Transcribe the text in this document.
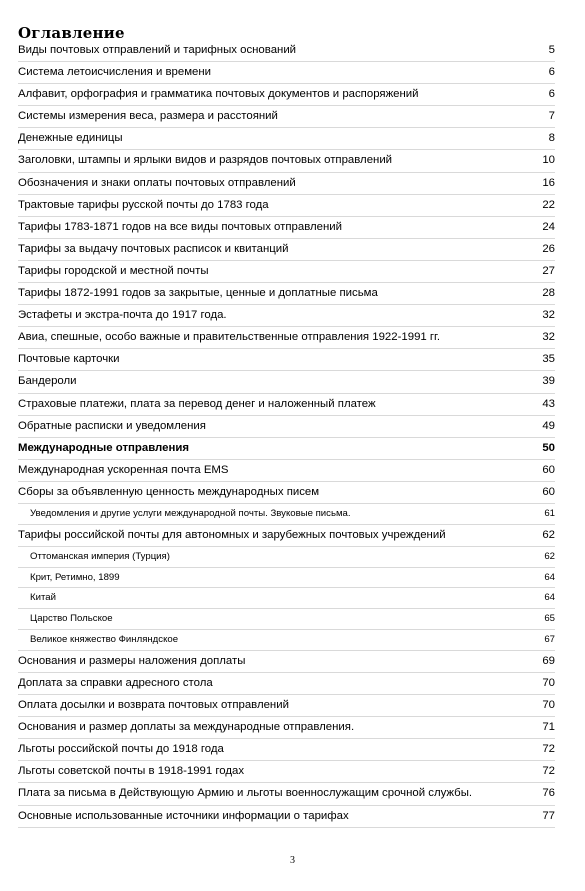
Оглавление
Виды почтовых отправлений и тарифных оснований	5
Система летоисчисления и времени	6
Алфавит, орфография и грамматика почтовых документов и распоряжений	6
Системы измерения веса, размера и расстояний	7
Денежные единицы	8
Заголовки, штампы и ярлыки видов и разрядов почтовых отправлений	10
Обозначения и знаки оплаты почтовых отправлений	16
Трактовые тарифы русской почты до 1783 года	22
Тарифы 1783-1871 годов на все виды почтовых отправлений	24
Тарифы за выдачу почтовых расписок и квитанций	26
Тарифы городской и местной почты	27
Тарифы 1872-1991 годов за закрытые, ценные и доплатные письма	28
Эстафеты и экстра-почта до 1917 года.	32
Авиа, спешные, особо важные и правительственные отправления 1922-1991 гг.	32
Почтовые карточки	35
Бандероли	39
Страховые платежи, плата за перевод денег и наложенный платеж	43
Обратные расписки и уведомления	49
Международные отправления	50
Международная ускоренная почта EMS	60
Сборы за объявленную ценность международных писем	60
Уведомления и другие услуги международной почты. Звуковые письма.	61
Тарифы российской почты для автономных и зарубежных почтовых учреждений	62
Оттоманская империя (Турция)	62
Крит, Ретимно, 1899	64
Китай	64
Царство Польское	65
Великое княжество Финляндское	67
Основания и размеры наложения доплаты	69
Доплата за справки адресного стола	70
Оплата досылки и возврата почтовых отправлений	70
Основания и размер доплаты за международные отправления.	71
Льготы российской почты до 1918 года	72
Льготы советской почты в 1918-1991 годах	72
Плата за письма в Действующую Армию и льготы военнослужащим срочной службы.	76
Основные использованные источники информации о тарифах	77
3
